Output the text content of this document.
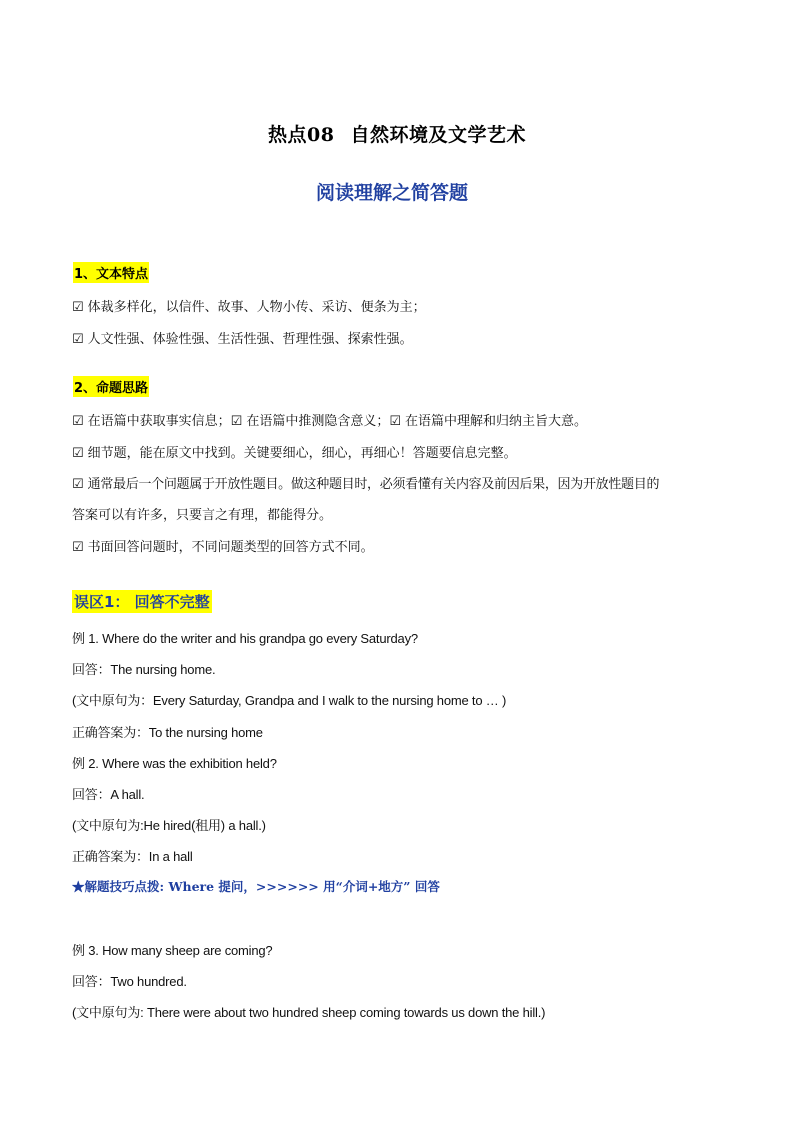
热点08 自然环境及文学艺术
阅读理解之简答题
1、文本特点
☑ 体裁多样化，以信件、故事、人物小传、采访、便条为主；
☑ 人文性强、体验性强、生活性强、哲理性强、探索性强。
2、命题思路
☑ 在语篇中获取事实信息；☑ 在语篇中推测隐含意义；☑ 在语篇中理解和归纳主旨大意。
☑ 细节题，能在原文中找到。关键要细心，细心，再细心！答题要信息完整。
☑ 通常最后一个问题属于开放性题目。做这种题目时，必须看懂有关内容及前因后果，因为开放性题目的
答案可以有许多，只要言之有理，都能得分。
☑ 书面回答问题时，不同问题类型的回答方式不同。
误区1： 回答不完整
例 1. Where do the writer and his grandpa go every Saturday?
回答：The nursing home.
(文中原句为：Every Saturday, Grandpa and I walk to the nursing home to … )
正确答案为：To the nursing home
例 2. Where was the exhibition held?
回答：A hall.
(文中原句为:He hired(租用) a hall.)
正确答案为：In a hall
★解题技巧点拨: Where 提问，>>>>>> 用“介词+地方” 回答
例 3. How many sheep are coming?
回答：Two hundred.
(文中原句为: There were about two hundred sheep coming towards us down the hill.)
